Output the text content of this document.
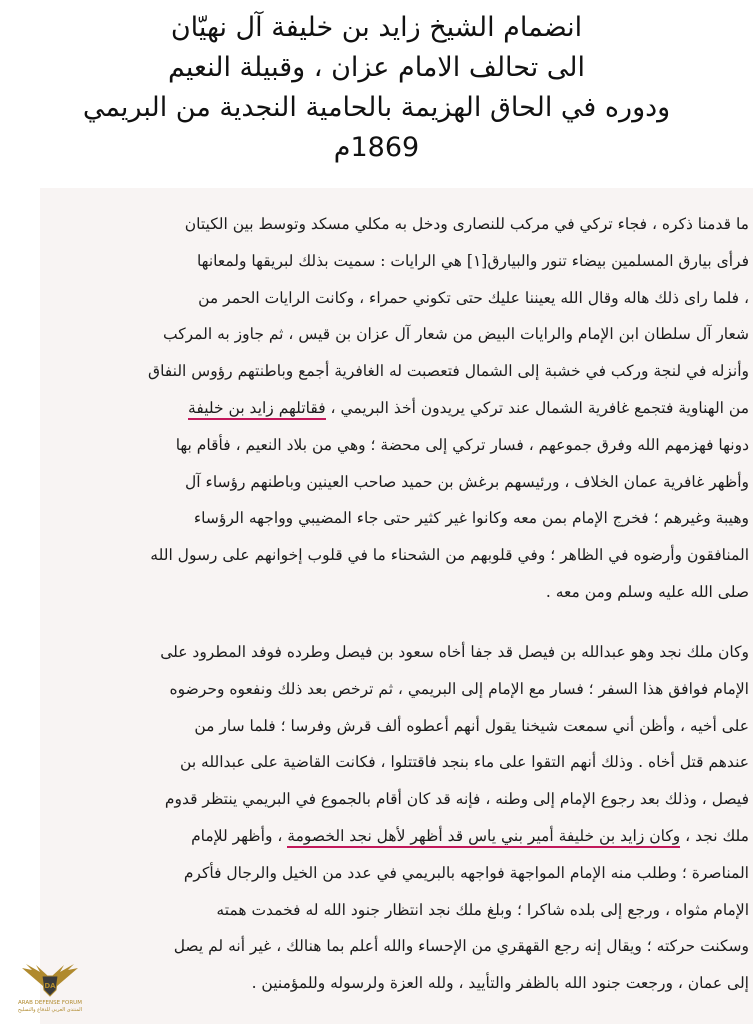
انضمام الشيخ زايد بن خليفة آل نهيّان
الى تحالف الامام عزان ، وقبيلة النعيم
ودوره في الحاق الهزيمة بالحامية النجدية من البريمي
1869م
ما قدمنا ذكره ، فجاء تركي في مركب للنصارى ودخل به مكلي مسكد وتوسط بين الكيتان
فرأى بيارق المسلمين بيضاء تنور والبيارق[١] هي الرايات : سميت بذلك لبريقها ولمعانها
، فلما راى ذلك هاله وقال الله يعيننا عليك حتى تكوني حمراء ، وكانت الرايات الحمر من
شعار آل سلطان ابن الإمام والرايات البيض من شعار آل عزان بن قيس ، ثم جاوز به المركب
وأنزله في لنجة وركب في خشبة إلى الشمال فتعصبت له الغافرية أجمع وباطنتهم رؤوس النفاق
من الهناوية فتجمع غافرية الشمال عند تركي يريدون أخذ البريمي ، فقاتلهم زايد بن خليفة
دونها فهزمهم الله وفرق جموعهم ، فسار تركي إلى محضة ؛ وهي من بلاد النعيم ، فأقام بها
وأظهر غافرية عمان الخلاف ، ورئيسهم برغش بن حميد صاحب العينين وباطنهم رؤساء آل
وهيبة وغيرهم ؛ فخرج الإمام بمن معه وكانوا غير كثير حتى جاء المضيبي وواجهه الرؤساء
المنافقون وأرضوه في الظاهر ؛ وفي قلوبهم من الشحناء ما في قلوب إخوانهم على رسول الله
صلى الله عليه وسلم ومن معه .
وكان ملك نجد وهو عبدالله بن فيصل قد جفا أخاه سعود بن فيصل وطرده فوفد المطرود على
الإمام فوافق هذا السفر ؛ فسار مع الإمام إلى البريمي ، ثم ترخص بعد ذلك ونفعوه وحرضوه
على أخيه ، وأظن أني سمعت شيخنا يقول أنهم أعطوه ألف قرش وفرسا ؛ فلما سار من
عندهم قتل أخاه . وذلك أنهم التقوا على ماء بنجد فاقتتلوا ، فكانت القاضية على عبدالله بن
فيصل ، وذلك بعد رجوع الإمام إلى وطنه ، فإنه قد كان أقام بالجموع في البريمي ينتظر قدوم
ملك نجد ، وكان زايد بن خليفة أمير بني ياس قد أظهر لأهل نجد الخصومة ، وأظهر للإمام
المناصرة ؛ وطلب منه الإمام المواجهة فواجهه بالبريمي في عدد من الخيل والرجال فأكرم
الإمام مثواه ، ورجع إلى بلده شاكرا ؛ وبلغ ملك نجد انتظار جنود الله له فخمدت همته
وسكنت حركته ؛ ويقال إنه رجع القهقري من الإحساء والله أعلم بما هنالك ، غير أنه لم يصل
إلى عمان ، ورجعت جنود الله بالظفر والتأييد ، ولله العزة ولرسوله وللمؤمنين .
DA
ARAB DEFENSE FORUM
المنتدى العربي للدفاع والتسليح
